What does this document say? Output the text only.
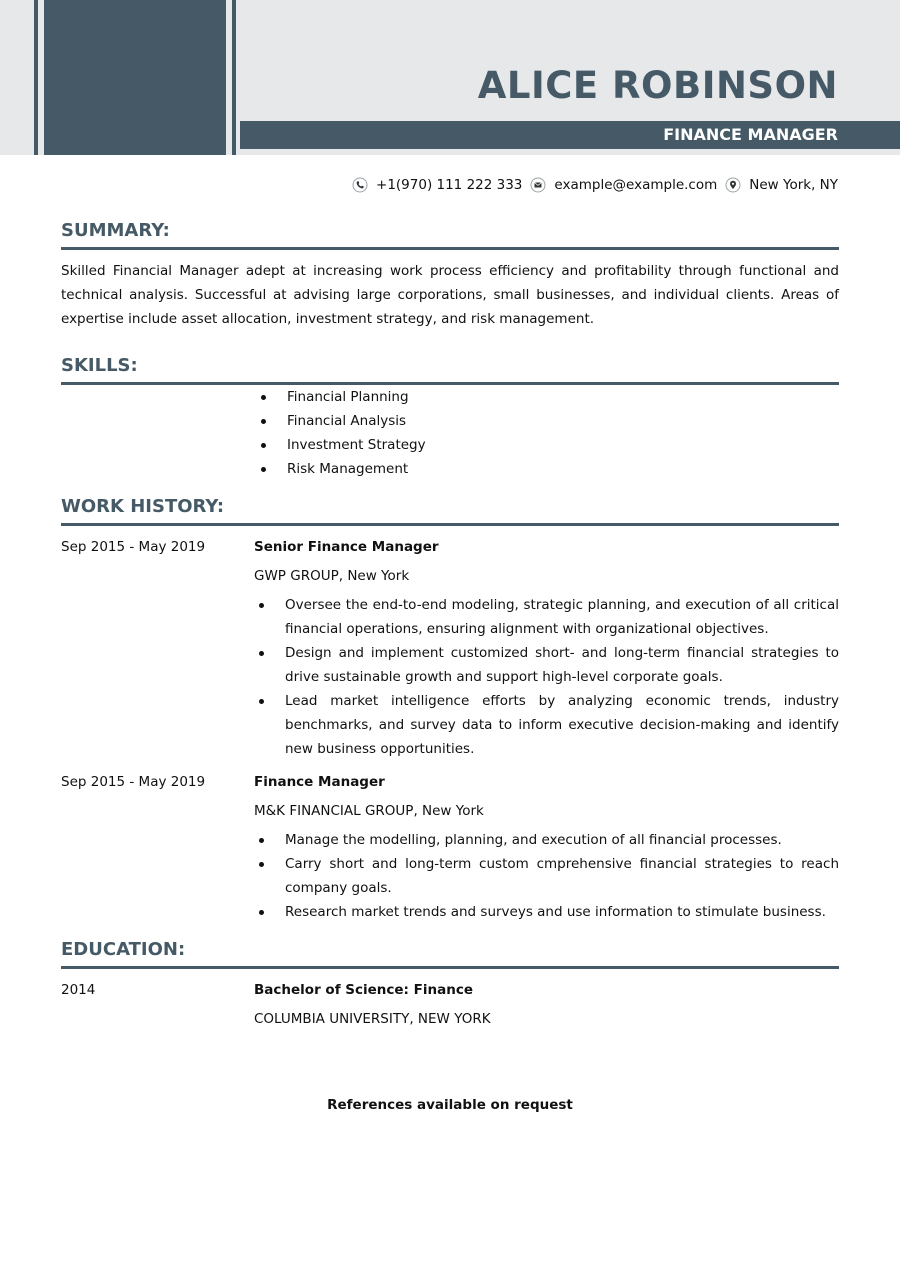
ALICE ROBINSON
FINANCE MANAGER
+1(970) 111 222 333 example@example.com New York, NY
SUMMARY:

Skilled Financial Manager adept at increasing work process efficiency and profitability through functional and technical analysis. Successful at advising large corporations, small businesses, and individual clients. Areas of expertise include asset allocation, investment strategy, and risk management.

SKILLS:
Financial Planning
Financial Analysis
Investment Strategy
Risk Management
WORK HISTORY:
Sep 2015 - May 2019	Senior Finance Manager
GWP GROUP, New York
Oversee the end-to-end modeling, strategic planning, and execution of all critical financial operations, ensuring alignment with organizational objectives.
Design and implement customized short- and long-term financial strategies to drive sustainable growth and support high-level corporate goals.
Lead market intelligence efforts by analyzing economic trends, industry benchmarks, and survey data to inform executive decision-making and identify new business opportunities.
Sep 2015 - May 2019	Finance Manager
M&K FINANCIAL GROUP, New York
Manage the modelling, planning, and execution of all financial processes.
Carry short and long-term custom cmprehensive financial strategies to reach company goals.
Research market trends and surveys and use information to stimulate business.
EDUCATION:
2014	Bachelor of Science: Finance
COLUMBIA UNIVERSITY, NEW YORK
References available on request
